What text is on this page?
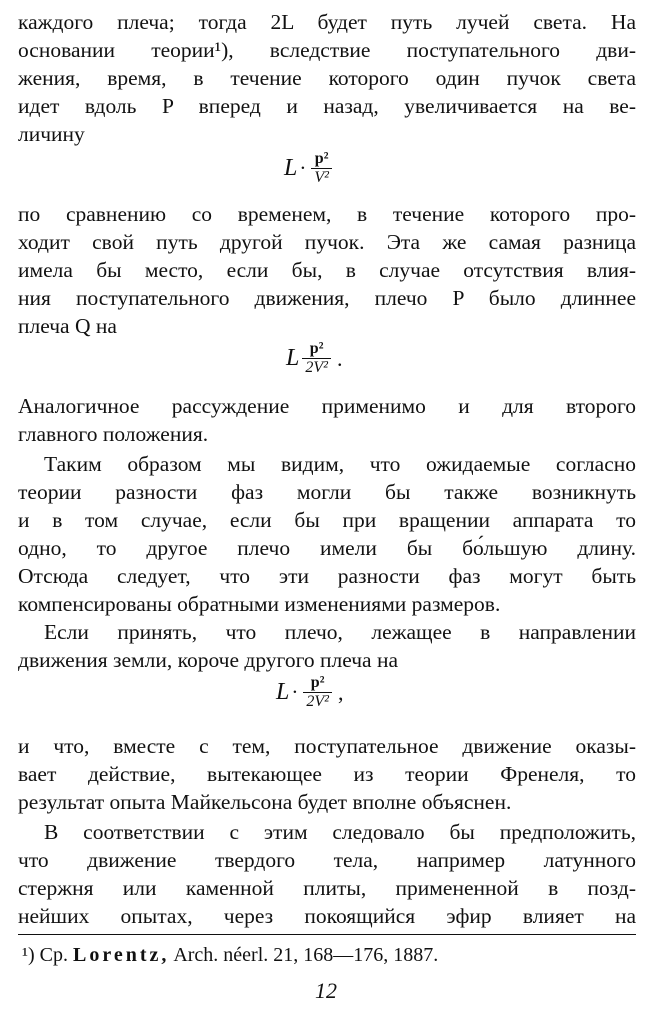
каждого плеча; тогда 2L будет путь лучей света. На
основании теории¹), вследствие поступательного дви-
жения, время, в течение которого один пучок света
идет вдоль P вперед и назад, увеличивается на ве-
личину
$L \cdot \frac{\text{p²}}{\text{V²}}$
по сравнению со временем, в течение которого про-
ходит свой путь другой пучок. Эта же самая разница
имела бы место, если бы, в случае отсутствия влия-
ния поступательного движения, плечо P было длиннее
плеча Q на
L $\frac{\text{p²}}{\text{2V²}}$ .
Аналогичное рассуждение применимо и для второго
главного положения.
Таким образом мы видим, что ожидаемые согласно
теории разности фаз могли бы также возникнуть
и в том случае, если бы при вращении аппарата то
одно, то другое плечо имели бы бо́льшую длину.
Отсюда следует, что эти разности фаз могут быть
компенсированы обратными изменениями размеров.
Если принять, что плечо, лежащее в направлении
движения земли, короче другого плеча на
$L \cdot \frac{\text{p²}}{\text{2V²}}$ ,
и что, вместе с тем, поступательное движение оказы-
вает действие, вытекающее из теории Френеля, то
результат опыта Майкельсона будет вполне объяснен.
В соответствии с этим следовало бы предположить,
что движение твердого тела, например латунного
стержня или каменной плиты, примененной в позд-
нейших опытах, через покоящийся эфир влияет на
¹) Ср. Lorentz, Arch. néerl. 21, 168—176, 1887.
12
